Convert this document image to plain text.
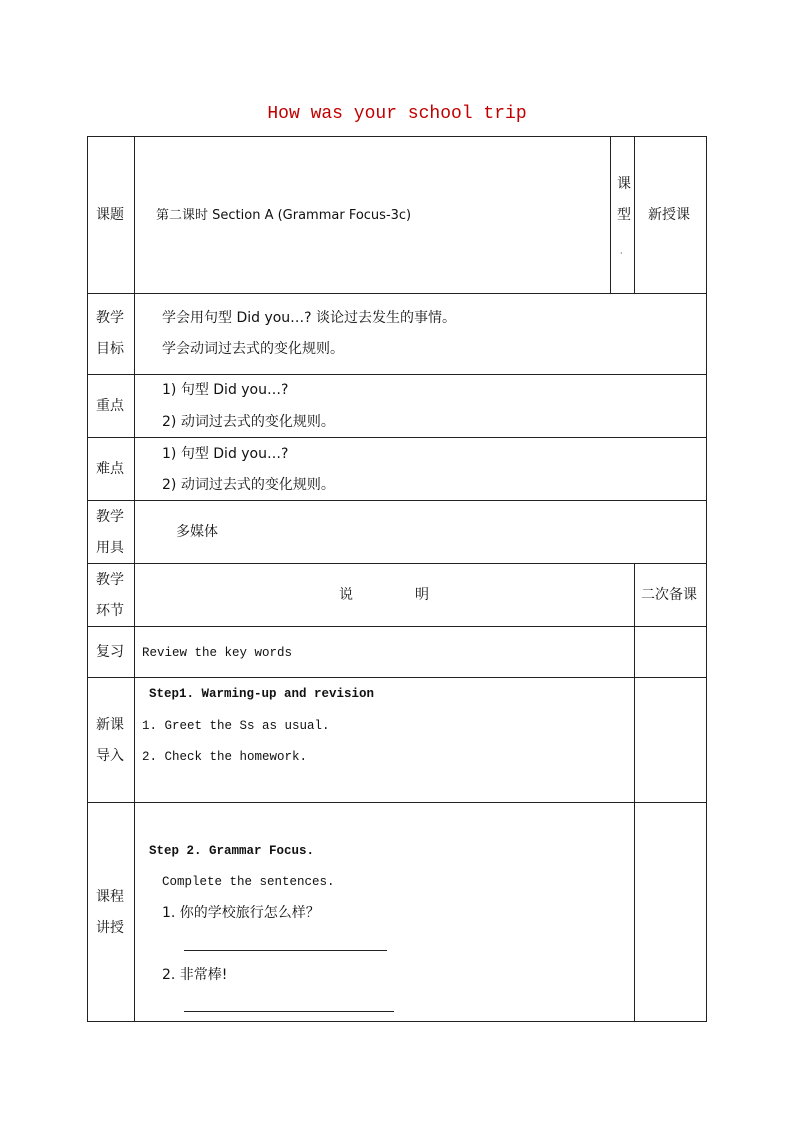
How was your school trip
课题 第二课时 Section A (Grammar Focus-3c)
课
型
·
新授课
教学
目标
学会用句型 Did you…? 谈论过去发生的事情。
学会动词过去式的变化规则。
重点
1) 句型 Did you…?
2) 动词过去式的变化规则。
难点
1) 句型 Did you…?
2) 动词过去式的变化规则。
教学
用具
多媒体
教学
环节
说	明	二次备课
复习 Review the key words
新课
导入
Step1. Warming-up and revision
1. Greet the Ss as usual.
2. Check the homework.
课程
讲授
Step 2. Grammar Focus.
Complete the sentences.
1. 你的学校旅行怎么样？
2. 非常棒!
